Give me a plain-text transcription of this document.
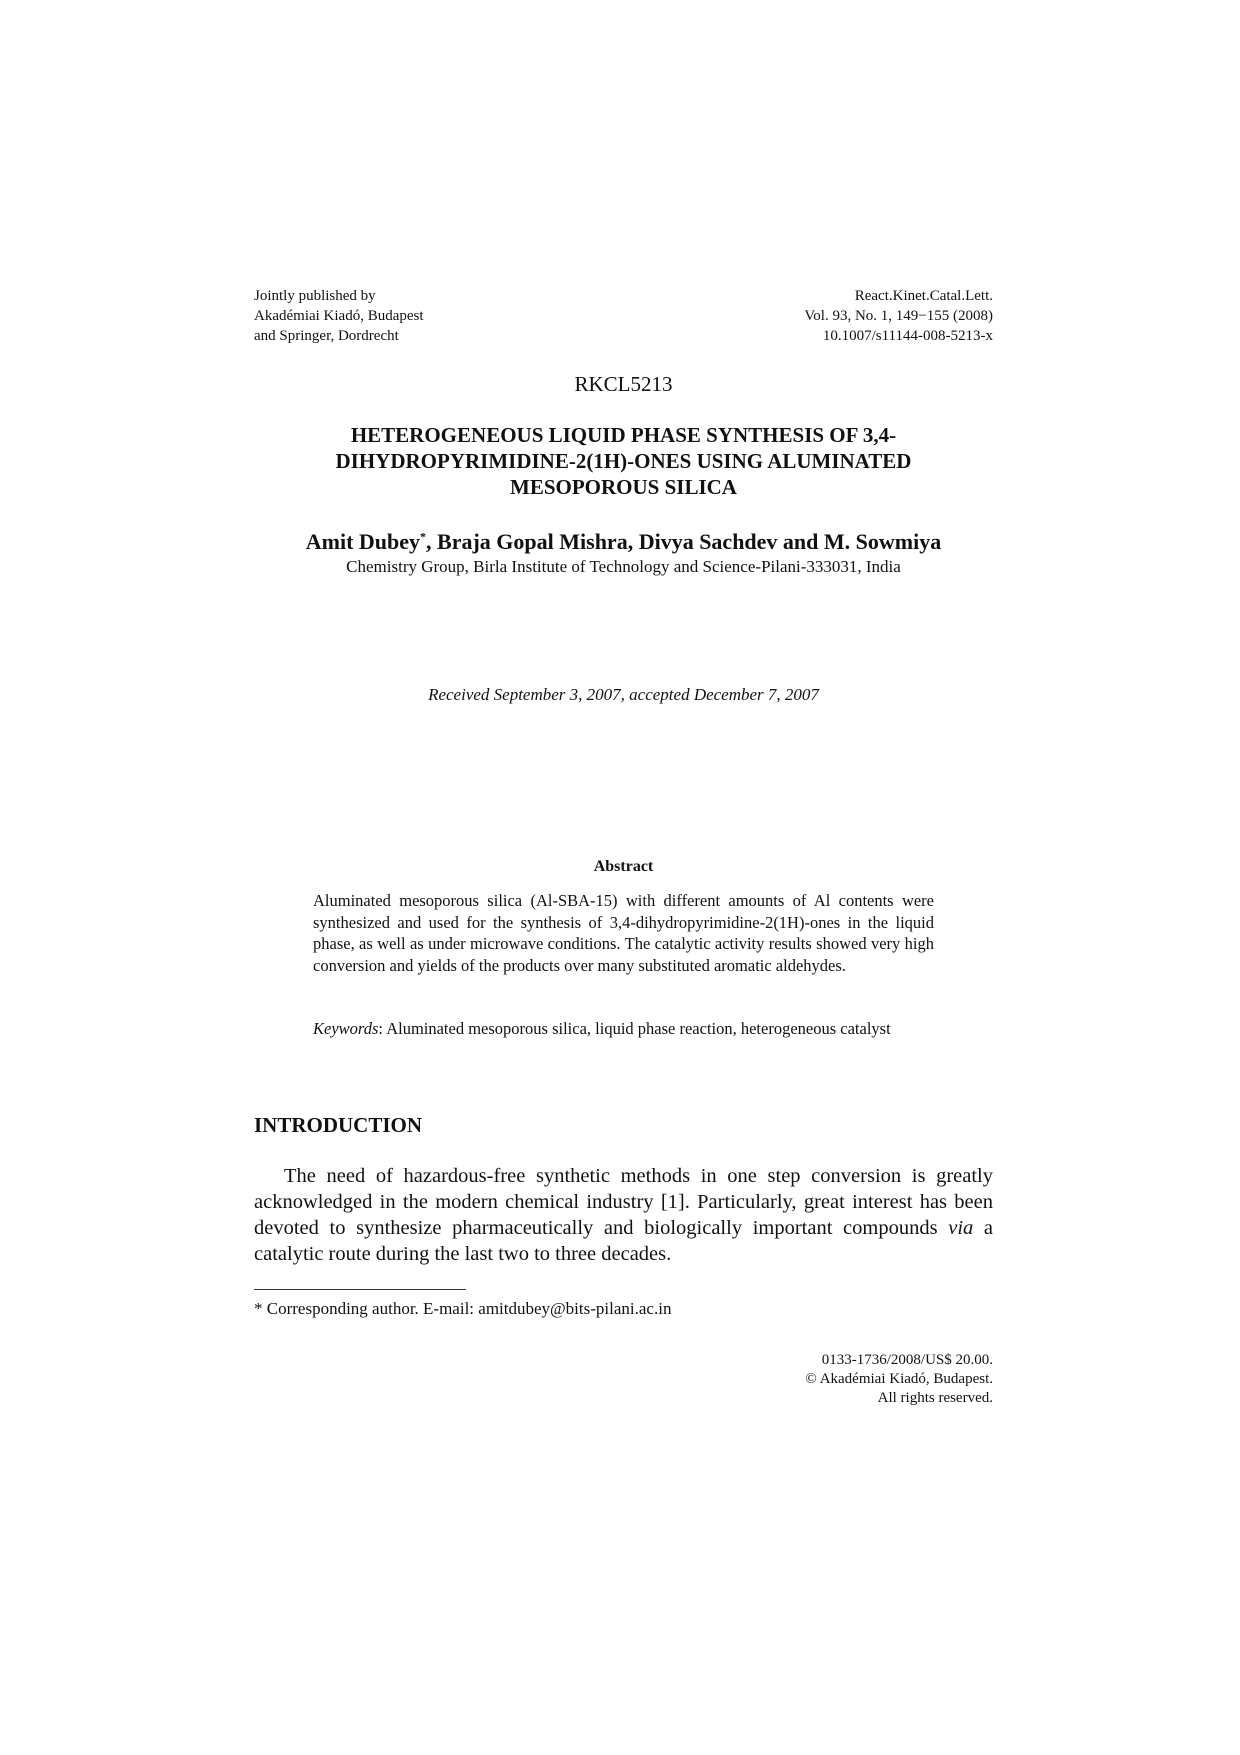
Jointly published by
Akadémiai Kiadó, Budapest
and Springer, Dordrecht
React.Kinet.Catal.Lett.
Vol. 93, No. 1, 149−155 (2008)
10.1007/s11144-008-5213-x
RKCL5213
HETEROGENEOUS LIQUID PHASE SYNTHESIS OF 3,4-
DIHYDROPYRIMIDINE-2(1H)-ONES USING ALUMINATED
MESOPOROUS SILICA
Amit Dubey*, Braja Gopal Mishra, Divya Sachdev and M. Sowmiya
Chemistry Group, Birla Institute of Technology and Science-Pilani-333031, India
Received September 3, 2007, accepted December 7, 2007
Abstract
Aluminated mesoporous silica (Al-SBA-15) with different amounts of Al contents were synthesized and used for the synthesis of 3,4-dihydropyrimidine-2(1H)-ones in the liquid phase, as well as under microwave conditions. The catalytic activity results showed very high conversion and yields of the products over many substituted aromatic aldehydes.
Keywords: Aluminated mesoporous silica, liquid phase reaction, heterogeneous catalyst
INTRODUCTION
The need of hazardous-free synthetic methods in one step conversion is greatly acknowledged in the modern chemical industry [1]. Particularly, great interest has been devoted to synthesize pharmaceutically and biologically important compounds via a catalytic route during the last two to three decades.
* Corresponding author. E-mail: amitdubey@bits-pilani.ac.in
0133-1736/2008/US$ 20.00.
© Akadémiai Kiadó, Budapest.
All rights reserved.
